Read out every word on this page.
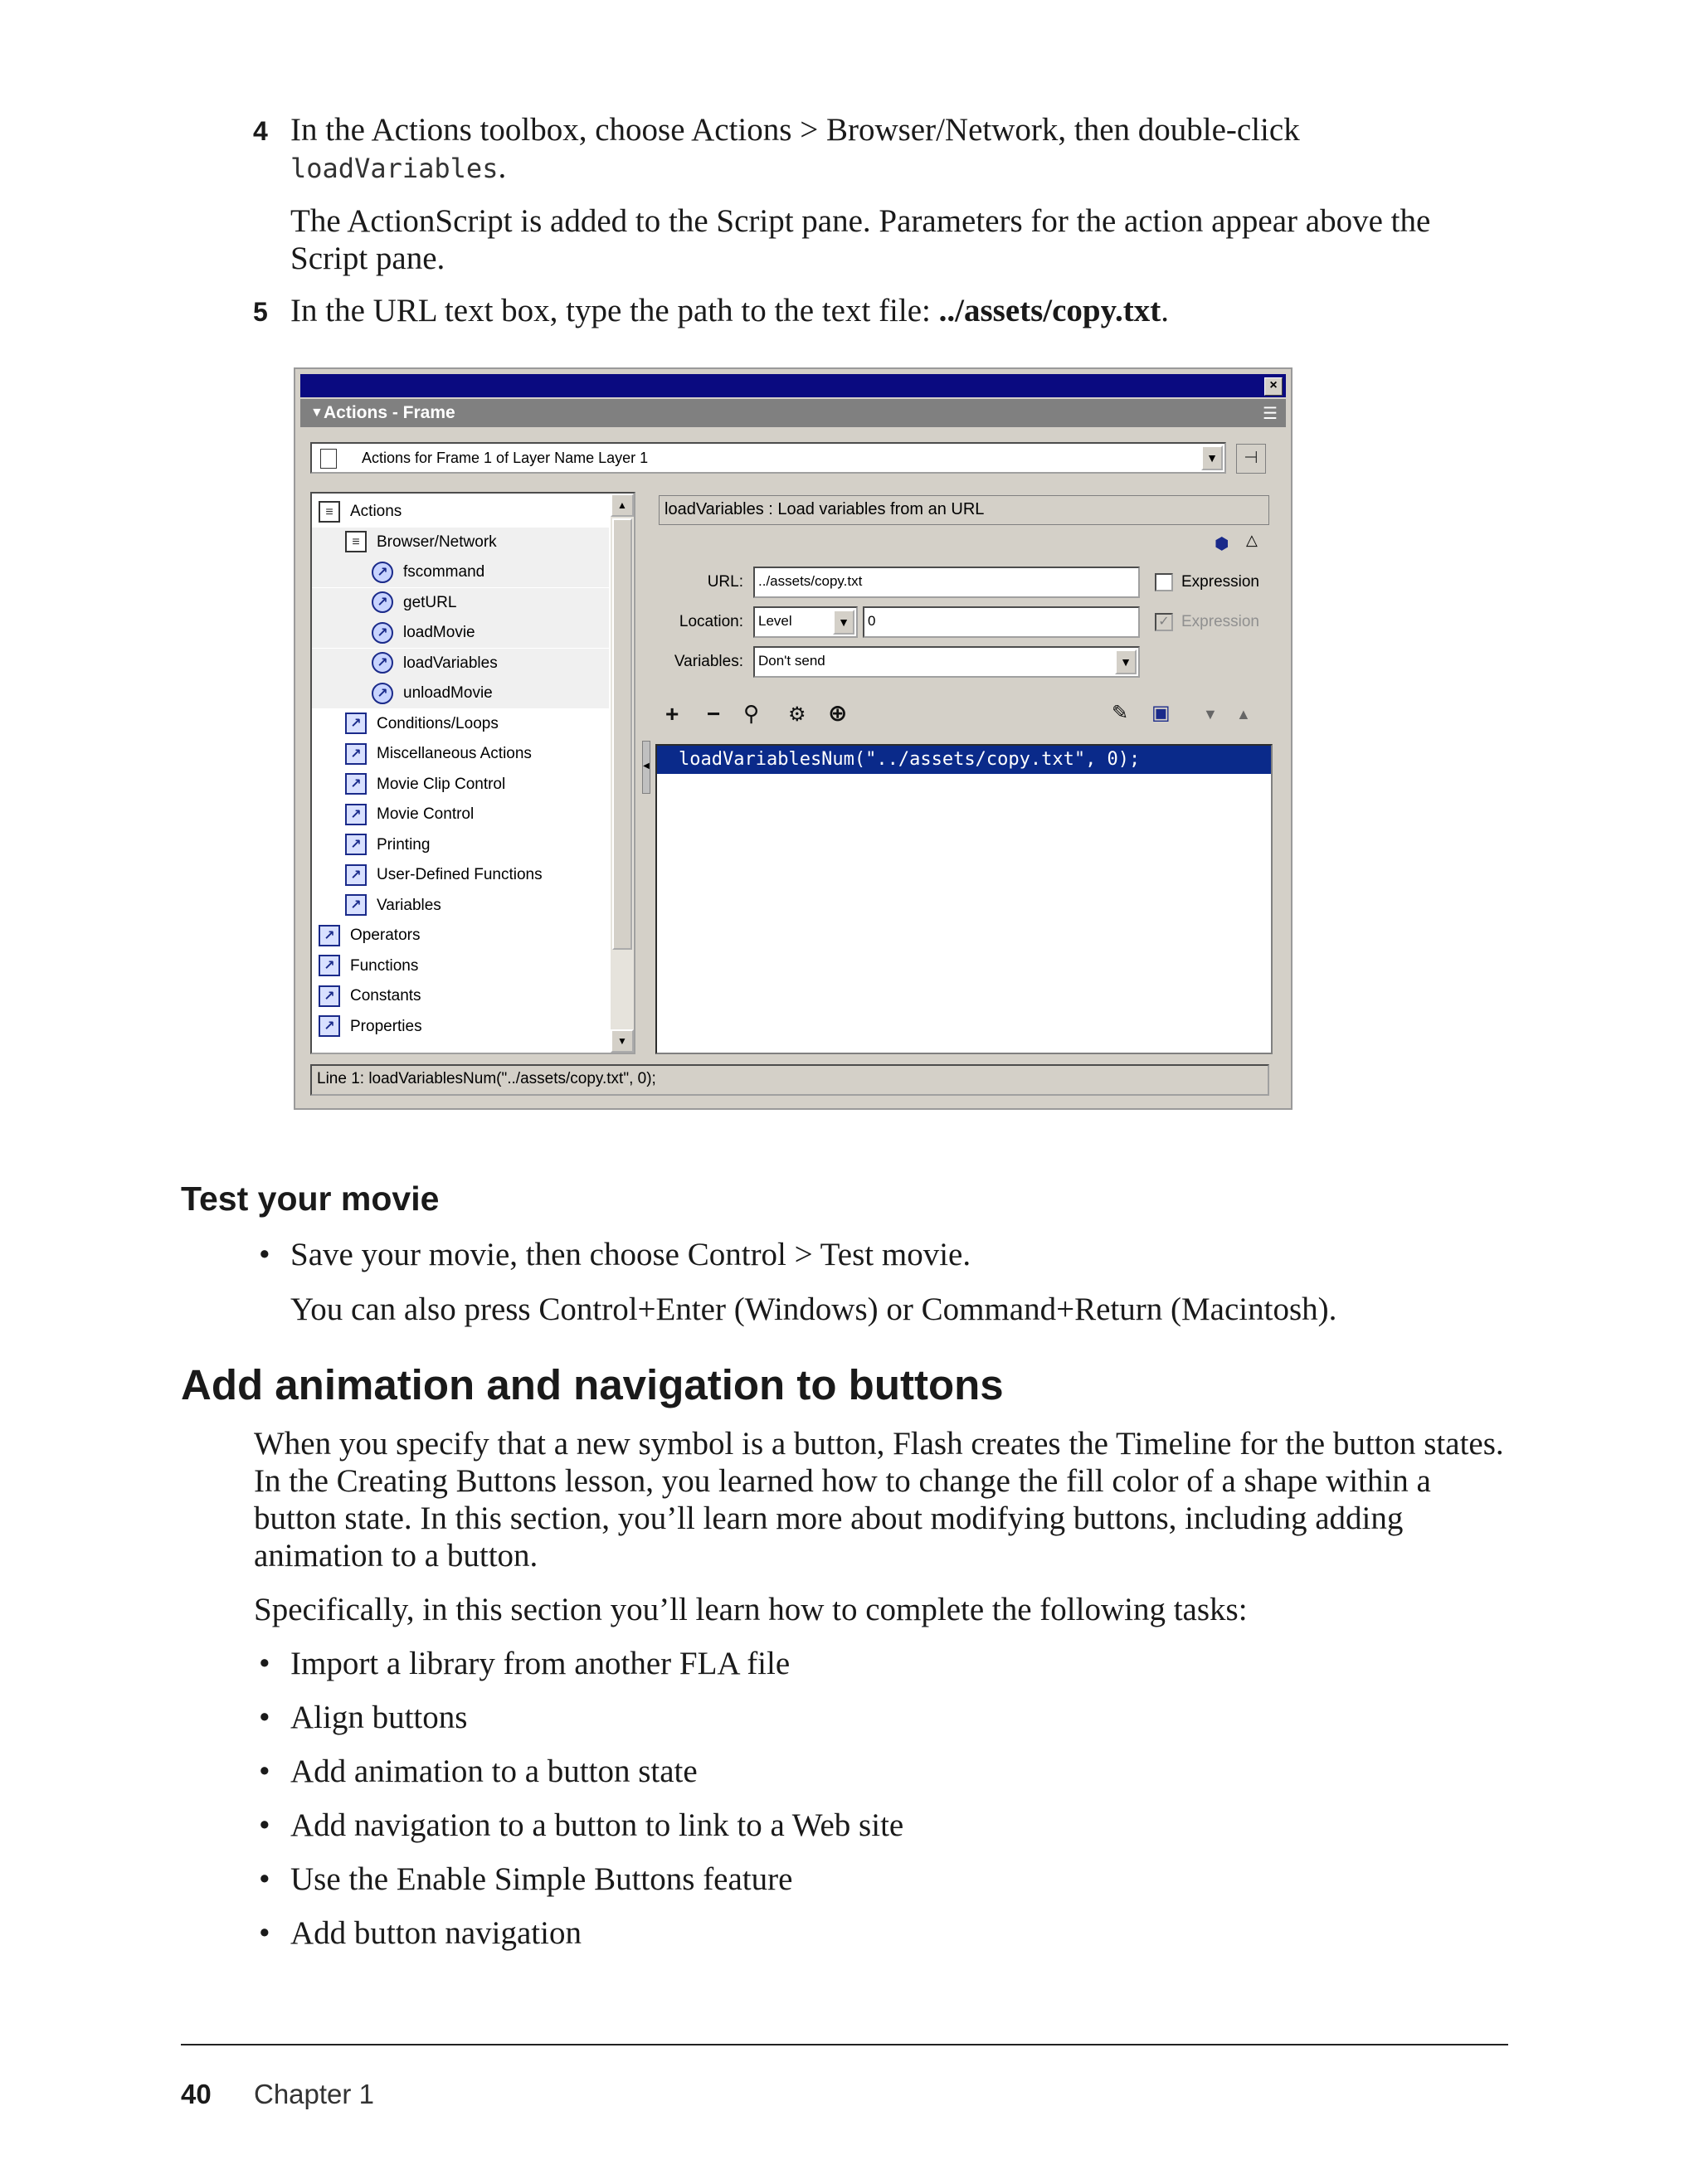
4 In the Actions toolbox, choose Actions > Browser/Network, then double-click
loadVariables.
The ActionScript is added to the Script pane. Parameters for the action appear above the
Script pane.
5 In the URL text box, type the path to the text file: ../assets/copy.txt.
×
▼ Actions - Frame	☰
Actions for Frame 1 of Layer Name Layer 1	▼	⊣
≡ Actions
≡ Browser/Network
↗ fscommand
↗ getURL
↗ loadMovie
↗ loadVariables
↗ unloadMovie
↗ Conditions/Loops
↗ Miscellaneous Actions
↗ Movie Clip Control
↗ Movie Control
↗ Printing
↗ User-Defined Functions
↗ Variables
↗ Operators
↗ Functions
↗ Constants
↗ Properties
▲
▼
◀
loadVariables : Load variables from an URL
⬢ △
URL:	../assets/copy.txt	Expression
Location:	Level	▼	0	✓ Expression
Variables:	Don't send	▼
+ − ⚲ ⚙ ⊕	✎ ▣ ▼ ▲
loadVariablesNum("../assets/copy.txt", 0);
Line 1: loadVariablesNum("../assets/copy.txt", 0);
Test your movie
• Save your movie, then choose Control > Test movie.
You can also press Control+Enter (Windows) or Command+Return (Macintosh).
Add animation and navigation to buttons
When you specify that a new symbol is a button, Flash creates the Timeline for the button states.
In the Creating Buttons lesson, you learned how to change the fill color of a shape within a
button state. In this section, you’ll learn more about modifying buttons, including adding
animation to a button.
Specifically, in this section you’ll learn how to complete the following tasks:
• Import a library from another FLA file
• Align buttons
• Add animation to a button state
• Add navigation to a button to link to a Web site
• Use the Enable Simple Buttons feature
• Add button navigation
40 Chapter 1
